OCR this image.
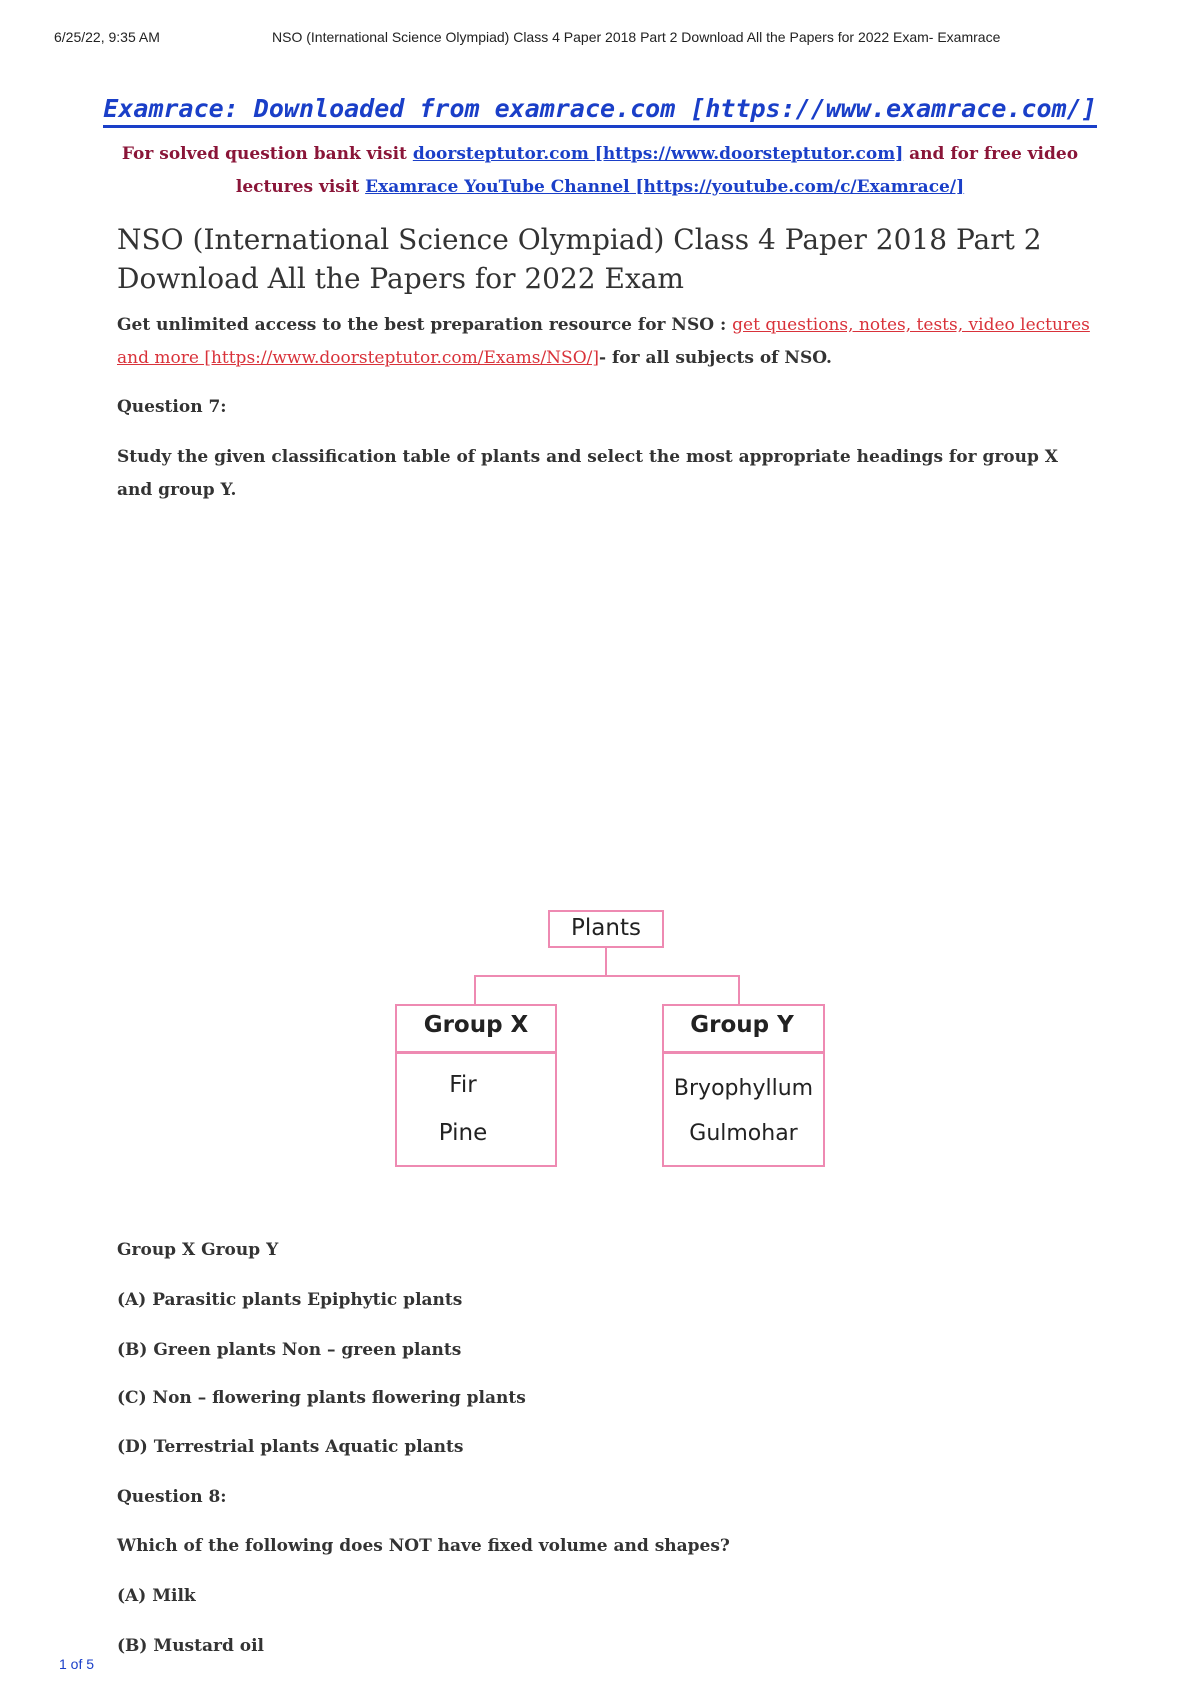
6/25/22, 9:35 AM	NSO (International Science Olympiad) Class 4 Paper 2018 Part 2 Download All the Papers for 2022 Exam- Examrace
Examrace: Downloaded from examrace.com [https://www.examrace.com/]
For solved question bank visit doorsteptutor.com [https://www.doorsteptutor.com] and for free video lectures visit Examrace YouTube Channel [https://youtube.com/c/Examrace/]
NSO (International Science Olympiad) Class 4 Paper 2018 Part 2 Download All the Papers for 2022 Exam
Get unlimited access to the best preparation resource for NSO : get questions, notes, tests, video lectures and more [https://www.doorsteptutor.com/Exams/NSO/]- for all subjects of NSO.
Question 7:
Study the given classification table of plants and select the most appropriate headings for group X and group Y.
Plants
Group X
Fir
Pine
Group Y
Bryophyllum
Gulmohar
Group X Group Y
(A) Parasitic plants Epiphytic plants
(B) Green plants Non – green plants
(C) Non – flowering plants flowering plants
(D) Terrestrial plants Aquatic plants
Question 8:
Which of the following does NOT have fixed volume and shapes?
(A) Milk
(B) Mustard oil
1 of 5
